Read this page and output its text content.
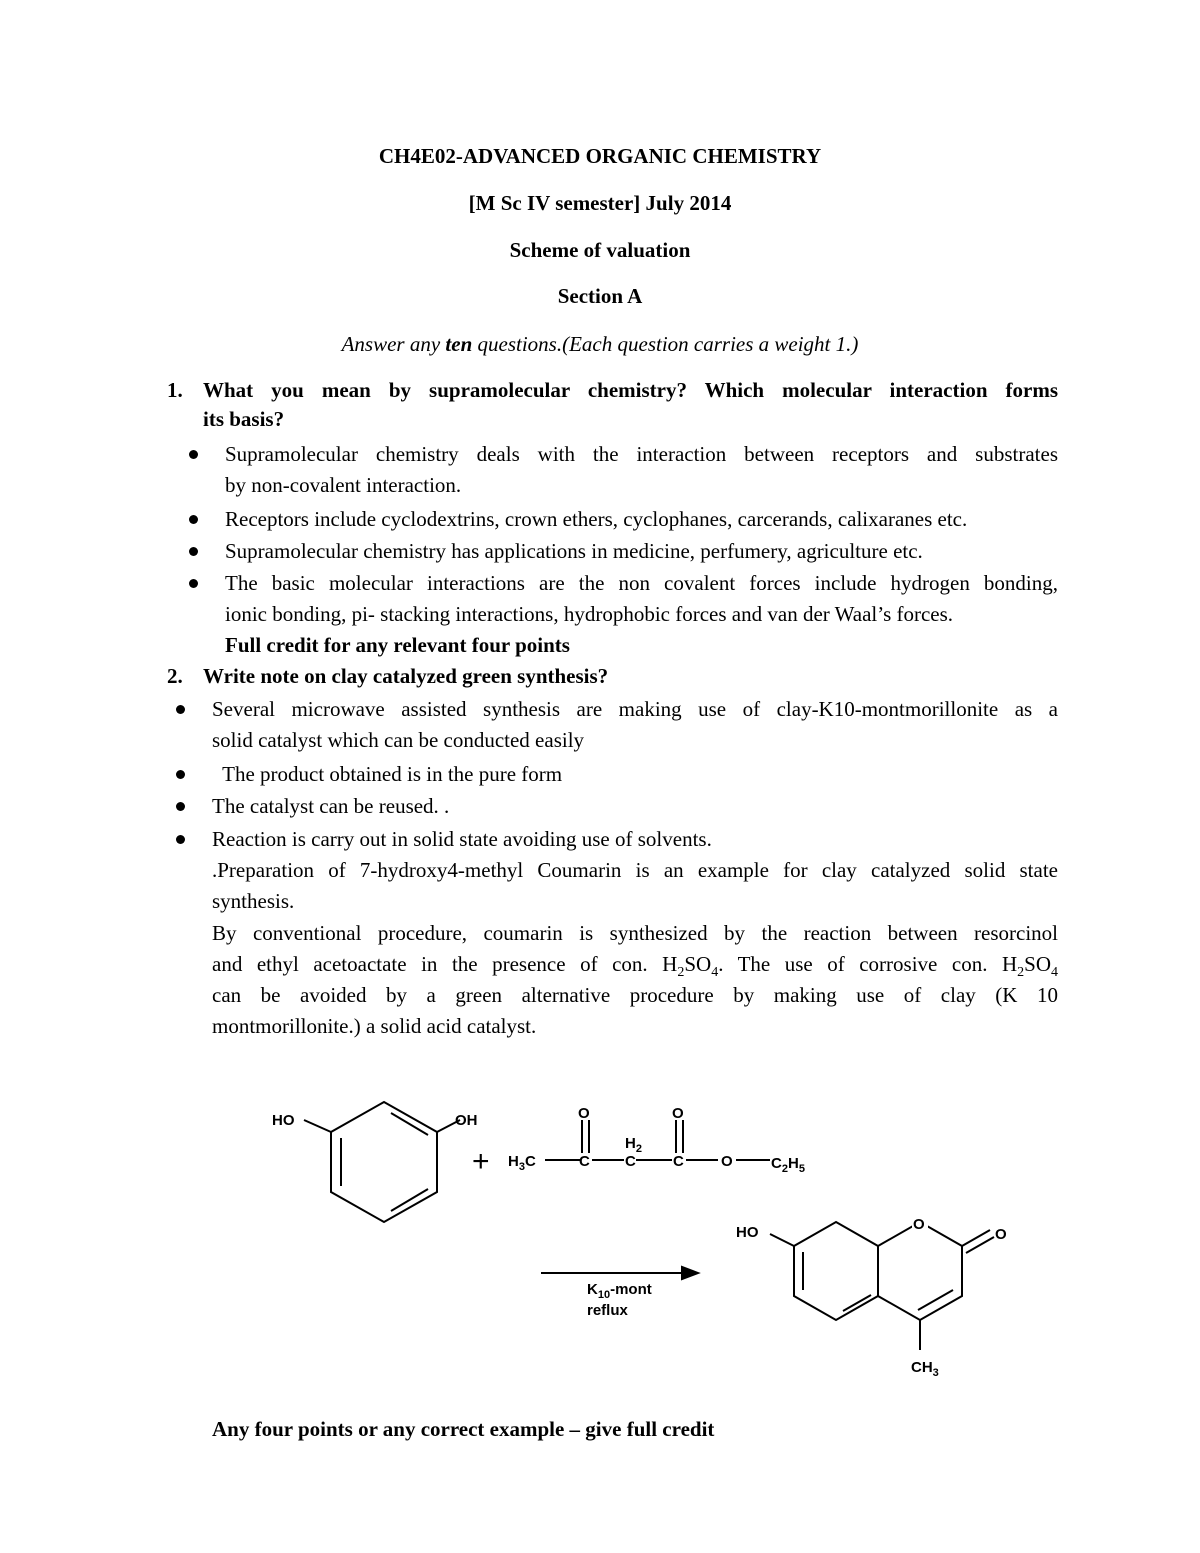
CH4E02-ADVANCED ORGANIC CHEMISTRY
[M Sc IV semester] July 2014
Scheme of valuation
Section A
Answer any ten questions.(Each question carries a weight 1.)
1. What you mean by supramolecular chemistry? Which molecular interaction forms
its basis?
Supramolecular chemistry deals with the interaction between receptors and substrates
by non-covalent interaction.
Receptors include cyclodextrins, crown ethers, cyclophanes, carcerands, calixaranes etc.
Supramolecular chemistry has applications in medicine, perfumery, agriculture etc.
The basic molecular interactions are the non covalent forces include hydrogen bonding,
ionic bonding, pi- stacking interactions, hydrophobic forces and van der Waal’s forces.
Full credit for any relevant four points
2. Write note on clay catalyzed green synthesis?
Several microwave assisted synthesis are making use of clay-K10-montmorillonite as a
solid catalyst which can be conducted easily
The product obtained is in the pure form
The catalyst can be reused. .
Reaction is carry out in solid state avoiding use of solvents.
.Preparation of 7-hydroxy4-methyl Coumarin is an example for clay catalyzed solid state
synthesis.
By conventional procedure, coumarin is synthesized by the reaction between resorcinol
and ethyl acetoactate in the presence of con. $H_2SO_4$. The use of corrosive con. $H_2SO_4$
can be avoided by a green alternative procedure by making use of clay (K 10
montmorillonite.) a solid acid catalyst.
HO	OH
+ $H_3C$	C
$H_2$
C C
O	O
O	$C_2H_5$
$K_{10}$-mont
reflux
O
O
HO
$CH_3$
Any four points or any correct example – give full credit
